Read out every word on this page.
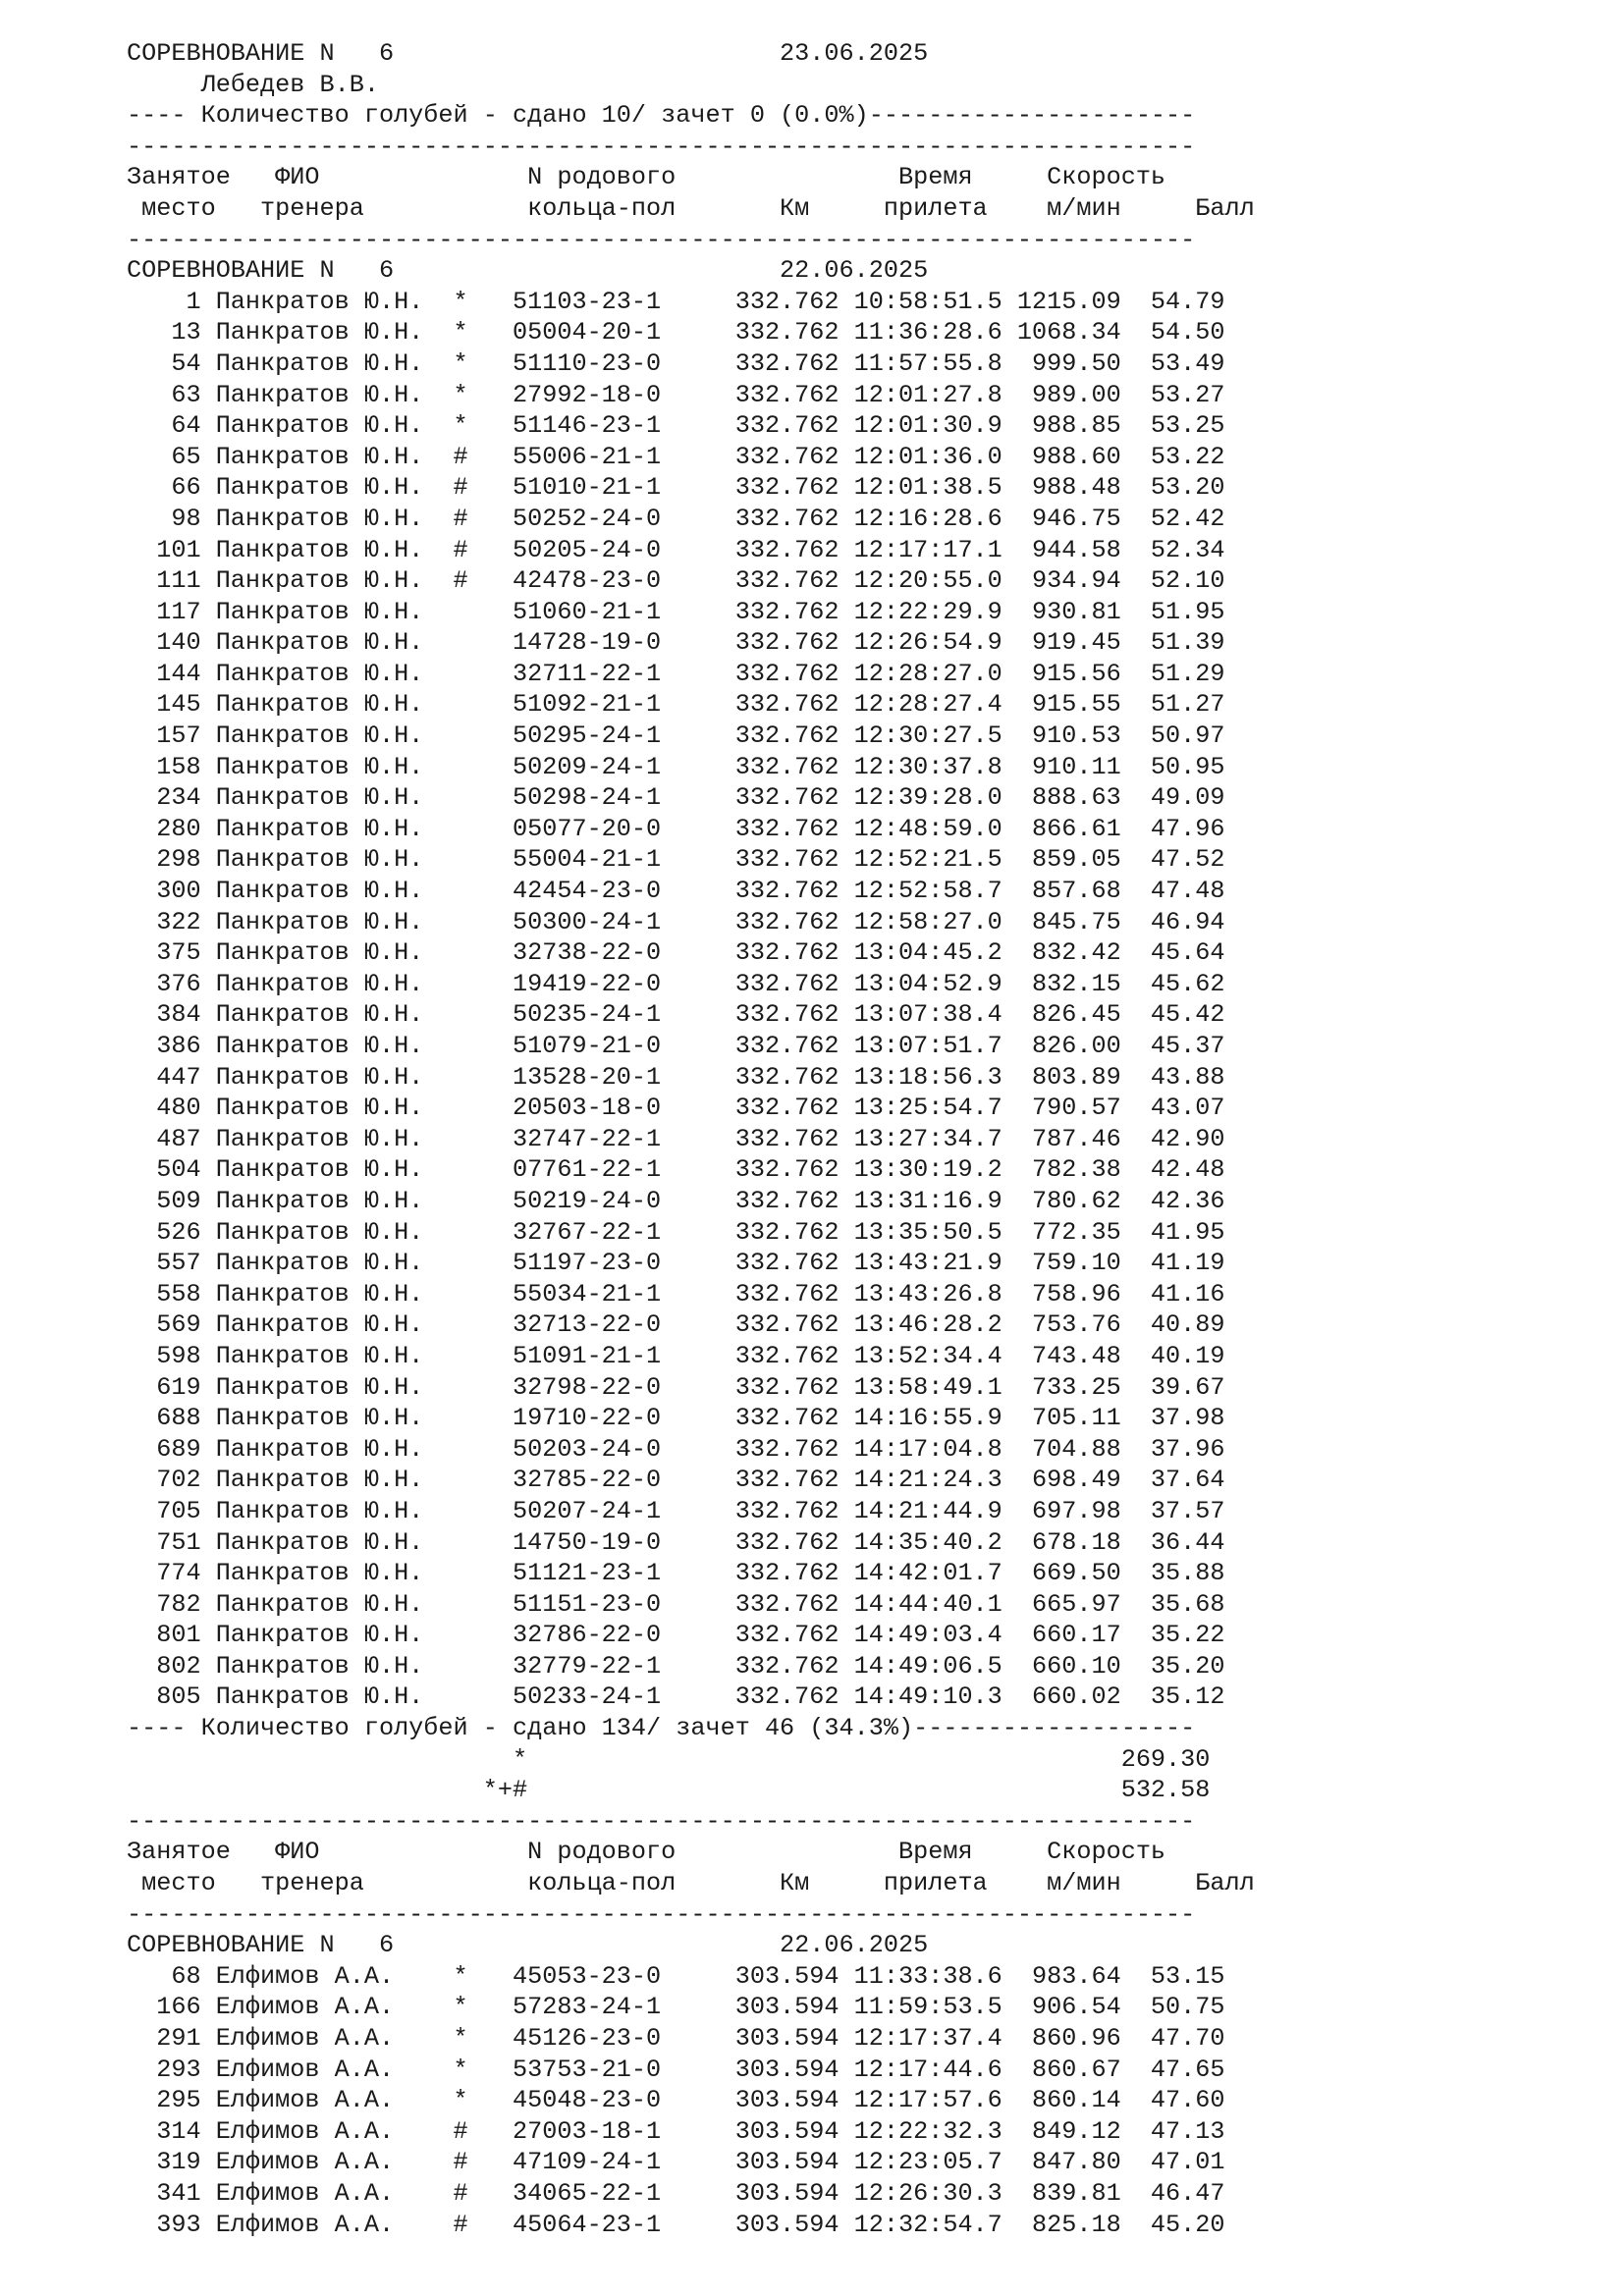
СОРЕВНОВАНИЕ N   6                          23.06.2025
Лебедев В.В.
---- Количество голубей - сдано 10/ зачет 0 (0.0%)----------------------
------------------------------------------------------------------------
Занятое   ФИО              N родового               Время     Скорость
место   тренера           кольца-пол       Км     прилета    м/мин     Балл
------------------------------------------------------------------------
СОРЕВНОВАНИЕ N   6                          22.06.2025
1 Панкратов Ю.Н.  *   51103-23-1     332.762 10:58:51.5 1215.09  54.79
13 Панкратов Ю.Н.  *   05004-20-1     332.762 11:36:28.6 1068.34  54.50
54 Панкратов Ю.Н.  *   51110-23-0     332.762 11:57:55.8  999.50  53.49
63 Панкратов Ю.Н.  *   27992-18-0     332.762 12:01:27.8  989.00  53.27
64 Панкратов Ю.Н.  *   51146-23-1     332.762 12:01:30.9  988.85  53.25
65 Панкратов Ю.Н.  #   55006-21-1     332.762 12:01:36.0  988.60  53.22
66 Панкратов Ю.Н.  #   51010-21-1     332.762 12:01:38.5  988.48  53.20
98 Панкратов Ю.Н.  #   50252-24-0     332.762 12:16:28.6  946.75  52.42
101 Панкратов Ю.Н.  #   50205-24-0     332.762 12:17:17.1  944.58  52.34
111 Панкратов Ю.Н.  #   42478-23-0     332.762 12:20:55.0  934.94  52.10
117 Панкратов Ю.Н.      51060-21-1     332.762 12:22:29.9  930.81  51.95
140 Панкратов Ю.Н.      14728-19-0     332.762 12:26:54.9  919.45  51.39
144 Панкратов Ю.Н.      32711-22-1     332.762 12:28:27.0  915.56  51.29
145 Панкратов Ю.Н.      51092-21-1     332.762 12:28:27.4  915.55  51.27
157 Панкратов Ю.Н.      50295-24-1     332.762 12:30:27.5  910.53  50.97
158 Панкратов Ю.Н.      50209-24-1     332.762 12:30:37.8  910.11  50.95
234 Панкратов Ю.Н.      50298-24-1     332.762 12:39:28.0  888.63  49.09
280 Панкратов Ю.Н.      05077-20-0     332.762 12:48:59.0  866.61  47.96
298 Панкратов Ю.Н.      55004-21-1     332.762 12:52:21.5  859.05  47.52
300 Панкратов Ю.Н.      42454-23-0     332.762 12:52:58.7  857.68  47.48
322 Панкратов Ю.Н.      50300-24-1     332.762 12:58:27.0  845.75  46.94
375 Панкратов Ю.Н.      32738-22-0     332.762 13:04:45.2  832.42  45.64
376 Панкратов Ю.Н.      19419-22-0     332.762 13:04:52.9  832.15  45.62
384 Панкратов Ю.Н.      50235-24-1     332.762 13:07:38.4  826.45  45.42
386 Панкратов Ю.Н.      51079-21-0     332.762 13:07:51.7  826.00  45.37
447 Панкратов Ю.Н.      13528-20-1     332.762 13:18:56.3  803.89  43.88
480 Панкратов Ю.Н.      20503-18-0     332.762 13:25:54.7  790.57  43.07
487 Панкратов Ю.Н.      32747-22-1     332.762 13:27:34.7  787.46  42.90
504 Панкратов Ю.Н.      07761-22-1     332.762 13:30:19.2  782.38  42.48
509 Панкратов Ю.Н.      50219-24-0     332.762 13:31:16.9  780.62  42.36
526 Панкратов Ю.Н.      32767-22-1     332.762 13:35:50.5  772.35  41.95
557 Панкратов Ю.Н.      51197-23-0     332.762 13:43:21.9  759.10  41.19
558 Панкратов Ю.Н.      55034-21-1     332.762 13:43:26.8  758.96  41.16
569 Панкратов Ю.Н.      32713-22-0     332.762 13:46:28.2  753.76  40.89
598 Панкратов Ю.Н.      51091-21-1     332.762 13:52:34.4  743.48  40.19
619 Панкратов Ю.Н.      32798-22-0     332.762 13:58:49.1  733.25  39.67
688 Панкратов Ю.Н.      19710-22-0     332.762 14:16:55.9  705.11  37.98
689 Панкратов Ю.Н.      50203-24-0     332.762 14:17:04.8  704.88  37.96
702 Панкратов Ю.Н.      32785-22-0     332.762 14:21:24.3  698.49  37.64
705 Панкратов Ю.Н.      50207-24-1     332.762 14:21:44.9  697.98  37.57
751 Панкратов Ю.Н.      14750-19-0     332.762 14:35:40.2  678.18  36.44
774 Панкратов Ю.Н.      51121-23-1     332.762 14:42:01.7  669.50  35.88
782 Панкратов Ю.Н.      51151-23-0     332.762 14:44:40.1  665.97  35.68
801 Панкратов Ю.Н.      32786-22-0     332.762 14:49:03.4  660.17  35.22
802 Панкратов Ю.Н.      32779-22-1     332.762 14:49:06.5  660.10  35.20
805 Панкратов Ю.Н.      50233-24-1     332.762 14:49:10.3  660.02  35.12
---- Количество голубей - сдано 134/ зачет 46 (34.3%)-------------------
*                                        269.30
*+#                                        532.58
------------------------------------------------------------------------
Занятое   ФИО              N родового               Время     Скорость
место   тренера           кольца-пол       Км     прилета    м/мин     Балл
------------------------------------------------------------------------
СОРЕВНОВАНИЕ N   6                          22.06.2025
68 Елфимов А.А.    *   45053-23-0     303.594 11:33:38.6  983.64  53.15
166 Елфимов А.А.    *   57283-24-1     303.594 11:59:53.5  906.54  50.75
291 Елфимов А.А.    *   45126-23-0     303.594 12:17:37.4  860.96  47.70
293 Елфимов А.А.    *   53753-21-0     303.594 12:17:44.6  860.67  47.65
295 Елфимов А.А.    *   45048-23-0     303.594 12:17:57.6  860.14  47.60
314 Елфимов А.А.    #   27003-18-1     303.594 12:22:32.3  849.12  47.13
319 Елфимов А.А.    #   47109-24-1     303.594 12:23:05.7  847.80  47.01
341 Елфимов А.А.    #   34065-22-1     303.594 12:26:30.3  839.81  46.47
393 Елфимов А.А.    #   45064-23-1     303.594 12:32:54.7  825.18  45.20
